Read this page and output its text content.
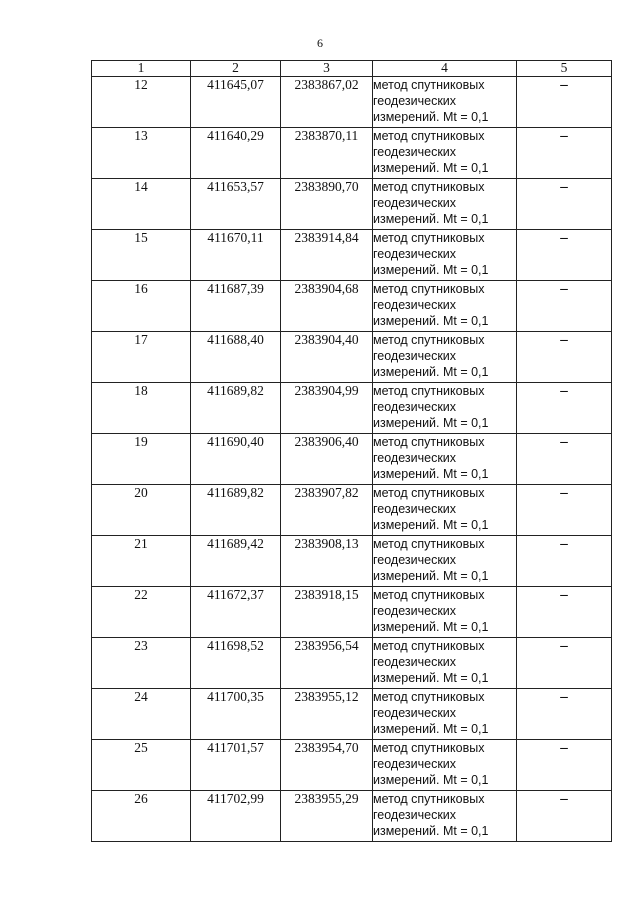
6
1	2	3	4	5
12	411645,07	2383867,02	метод спутниковых геодезических измерений. Mt = 0,1	–
13	411640,29	2383870,11	метод спутниковых геодезических измерений. Mt = 0,1	–
14	411653,57	2383890,70	метод спутниковых геодезических измерений. Mt = 0,1	–
15	411670,11	2383914,84	метод спутниковых геодезических измерений. Mt = 0,1	–
16	411687,39	2383904,68	метод спутниковых геодезических измерений. Mt = 0,1	–
17	411688,40	2383904,40	метод спутниковых геодезических измерений. Mt = 0,1	–
18	411689,82	2383904,99	метод спутниковых геодезических измерений. Mt = 0,1	–
19	411690,40	2383906,40	метод спутниковых геодезических измерений. Mt = 0,1	–
20	411689,82	2383907,82	метод спутниковых геодезических измерений. Mt = 0,1	–
21	411689,42	2383908,13	метод спутниковых геодезических измерений. Mt = 0,1	–
22	411672,37	2383918,15	метод спутниковых геодезических измерений. Mt = 0,1	–
23	411698,52	2383956,54	метод спутниковых геодезических измерений. Mt = 0,1	–
24	411700,35	2383955,12	метод спутниковых геодезических измерений. Mt = 0,1	–
25	411701,57	2383954,70	метод спутниковых геодезических измерений. Mt = 0,1	–
26	411702,99	2383955,29	метод спутниковых геодезических измерений. Mt = 0,1	–
